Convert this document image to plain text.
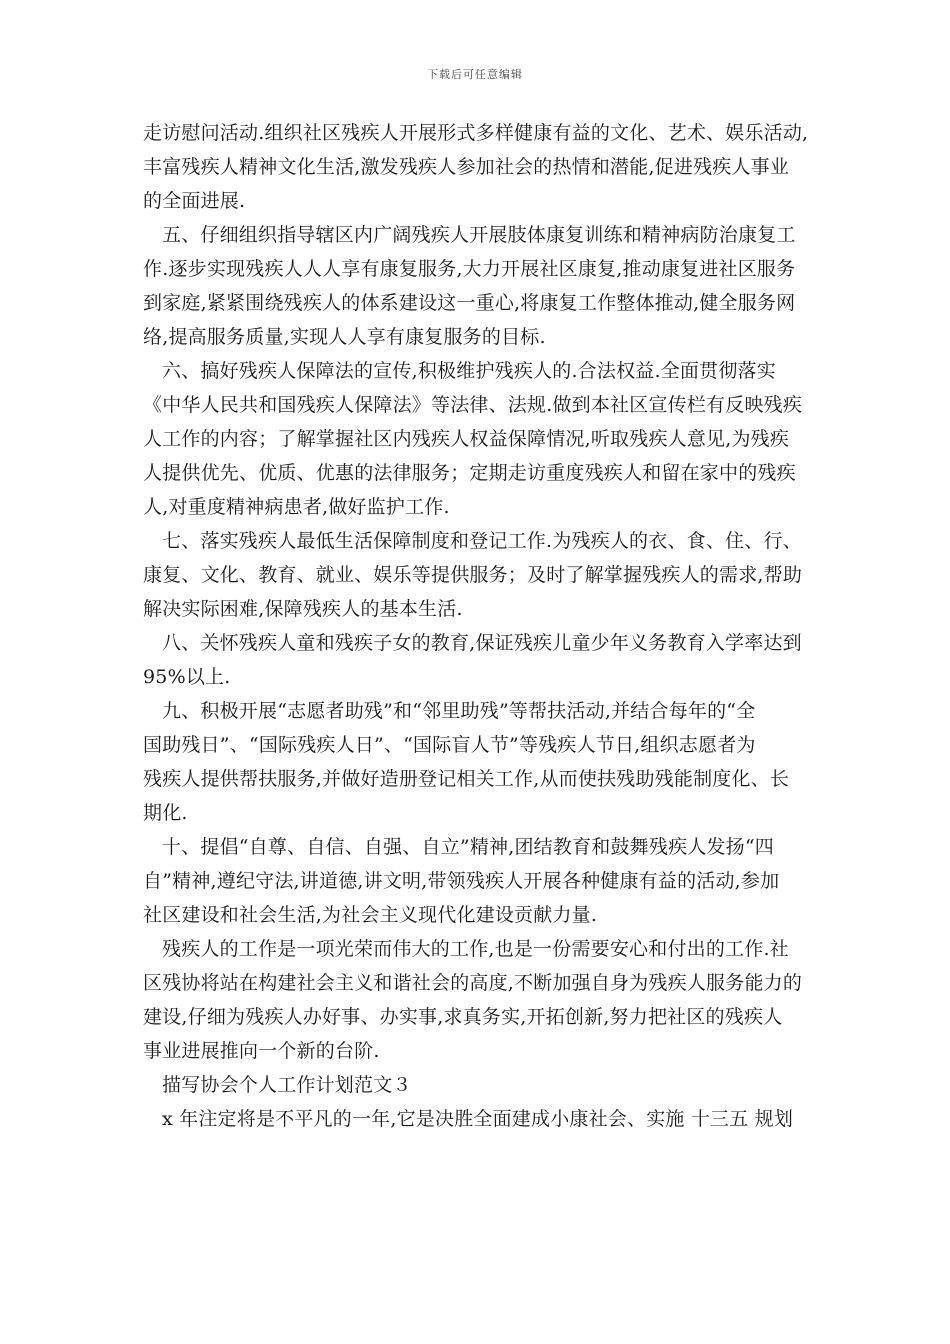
下载后可任意编辑
走访慰问活动.组织社区残疾人开展形式多样健康有益的文化、艺术、娱乐活动,
丰富残疾人精神文化生活,激发残疾人参加社会的热情和潜能,促进残疾人事业
的全面进展.
五、仔细组织指导辖区内广阔残疾人开展肢体康复训练和精神病防治康复工
作.逐步实现残疾人人人享有康复服务,大力开展社区康复,推动康复进社区服务
到家庭,紧紧围绕残疾人的体系建设这一重心,将康复工作整体推动,健全服务网
络,提高服务质量,实现人人享有康复服务的目标.
六、搞好残疾人保障法的宣传,积极维护残疾人的.合法权益.全面贯彻落实
《中华人民共和国残疾人保障法》等法律、法规.做到本社区宣传栏有反映残疾
人工作的内容；了解掌握社区内残疾人权益保障情况,听取残疾人意见,为残疾
人提供优先、优质、优惠的法律服务；定期走访重度残疾人和留在家中的残疾
人,对重度精神病患者,做好监护工作.
七、落实残疾人最低生活保障制度和登记工作.为残疾人的衣、食、住、行、
康复、文化、教育、就业、娱乐等提供服务；及时了解掌握残疾人的需求,帮助
解决实际困难,保障残疾人的基本生活.
八、关怀残疾人童和残疾子女的教育,保证残疾儿童少年义务教育入学率达到
95%以上.
九、积极开展“志愿者助残”和“邻里助残”等帮扶活动,并结合每年的“全
国助残日”、“国际残疾人日”、“国际盲人节”等残疾人节日,组织志愿者为
残疾人提供帮扶服务,并做好造册登记相关工作,从而使扶残助残能制度化、长
期化.
十、提倡“自尊、自信、自强、自立”精神,团结教育和鼓舞残疾人发扬“四
自”精神,遵纪守法,讲道德,讲文明,带领残疾人开展各种健康有益的活动,参加
社区建设和社会生活,为社会主义现代化建设贡献力量.
残疾人的工作是一项光荣而伟大的工作,也是一份需要安心和付出的工作.社
区残协将站在构建社会主义和谐社会的高度,不断加强自身为残疾人服务能力的
建设,仔细为残疾人办好事、办实事,求真务实,开拓创新,努力把社区的残疾人
事业进展推向一个新的台阶.
描写协会个人工作计划范文３
x 年注定将是不平凡的一年,它是决胜全面建成小康社会、实施 十三五 规划
